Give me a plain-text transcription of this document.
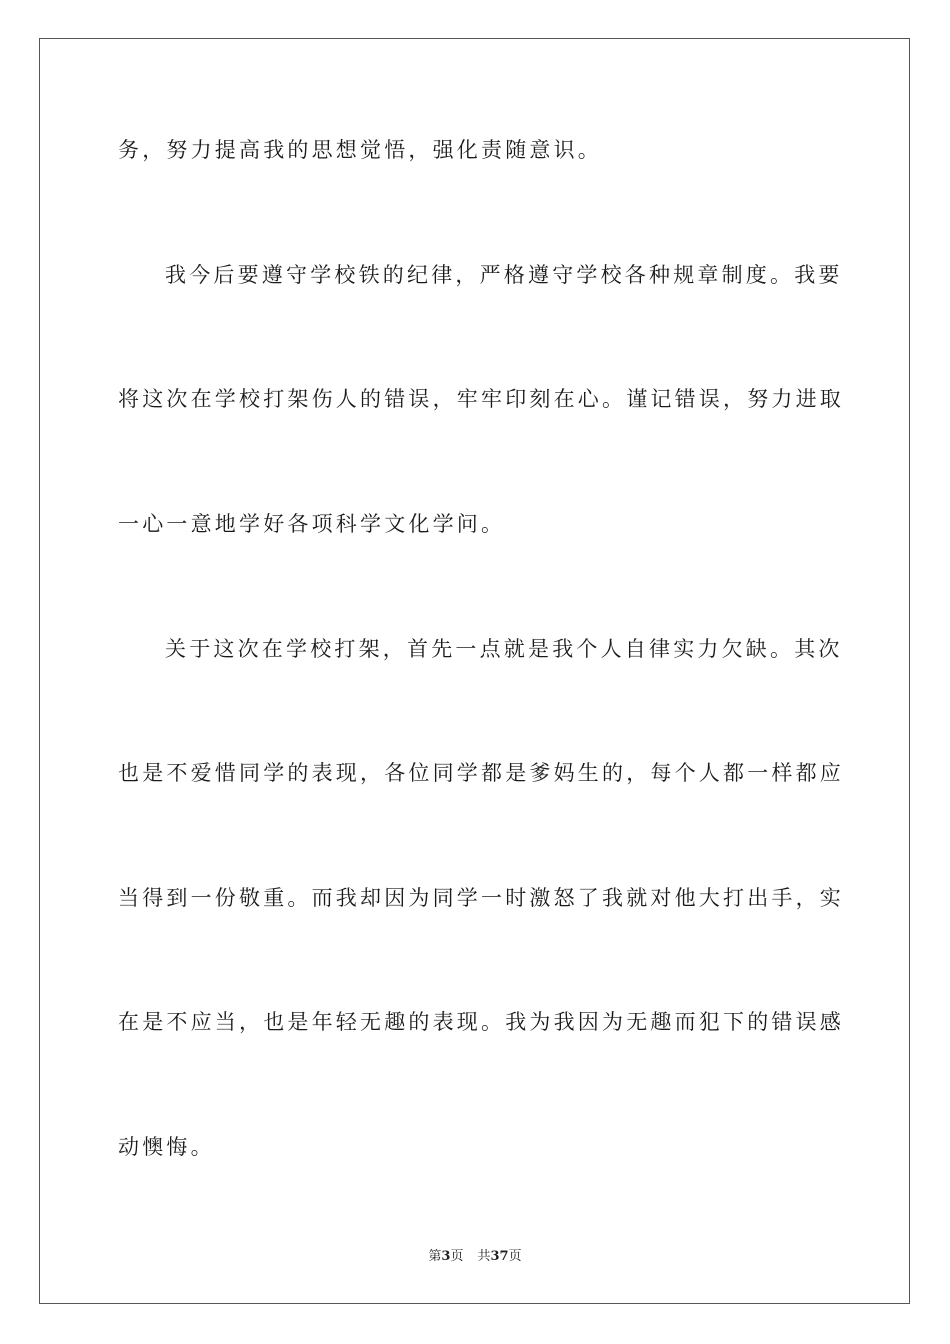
务，努力提高我的思想觉悟，强化责随意识。
我今后要遵守学校铁的纪律，严格遵守学校各种规章制度。我要
将这次在学校打架伤人的错误，牢牢印刻在心。谨记错误，努力进取
一心一意地学好各项科学文化学问。
关于这次在学校打架，首先一点就是我个人自律实力欠缺。其次
也是不爱惜同学的表现，各位同学都是爹妈生的，每个人都一样都应
当得到一份敬重。而我却因为同学一时激怒了我就对他大打出手，实
在是不应当，也是年轻无趣的表现。我为我因为无趣而犯下的错误感
动懊悔。
第3页 共37页
